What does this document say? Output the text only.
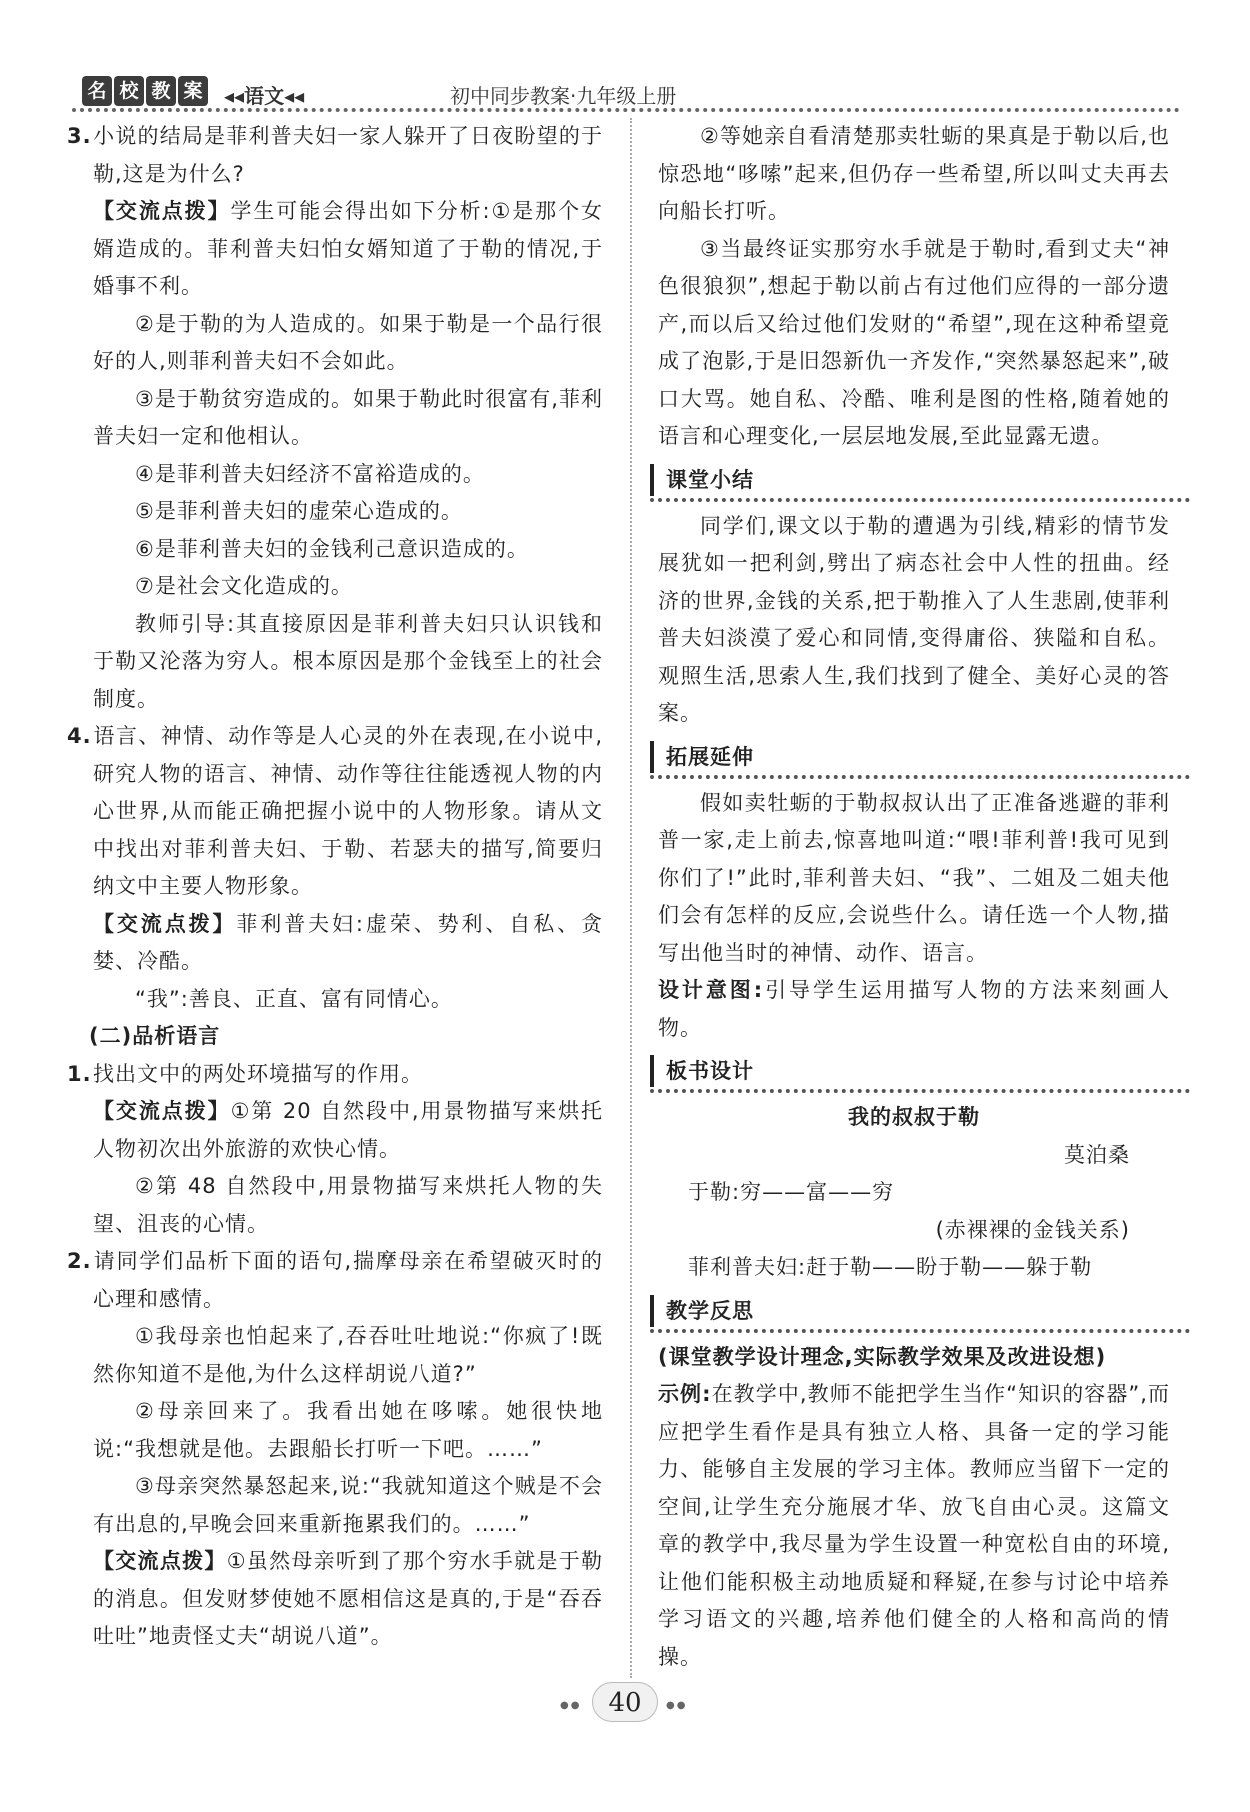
名 校 教 案 ◂◂语文◂◂	初中同步教案·九年级上册
3.小说的结局是菲利普夫妇一家人躲开了日夜盼望的于勒,这是为什么?
【交流点拨】学生可能会得出如下分析:①是那个女婿造成的。菲利普夫妇怕女婿知道了于勒的情况,于婚事不利。
②是于勒的为人造成的。如果于勒是一个品行很好的人,则菲利普夫妇不会如此。
③是于勒贫穷造成的。如果于勒此时很富有,菲利普夫妇一定和他相认。
④是菲利普夫妇经济不富裕造成的。
⑤是菲利普夫妇的虚荣心造成的。
⑥是菲利普夫妇的金钱利己意识造成的。
⑦是社会文化造成的。
教师引导:其直接原因是菲利普夫妇只认识钱和于勒又沦落为穷人。根本原因是那个金钱至上的社会制度。
4.语言、神情、动作等是人心灵的外在表现,在小说中,研究人物的语言、神情、动作等往往能透视人物的内心世界,从而能正确把握小说中的人物形象。请从文中找出对菲利普夫妇、于勒、若瑟夫的描写,简要归纳文中主要人物形象。
【交流点拨】菲利普夫妇:虚荣、势利、自私、贪婪、冷酷。
“我”:善良、正直、富有同情心。
(二)品析语言
1.找出文中的两处环境描写的作用。
【交流点拨】①第 20 自然段中,用景物描写来烘托人物初次出外旅游的欢快心情。
②第 48 自然段中,用景物描写来烘托人物的失望、沮丧的心情。
2.请同学们品析下面的语句,揣摩母亲在希望破灭时的心理和感情。
①我母亲也怕起来了,吞吞吐吐地说:“你疯了!既然你知道不是他,为什么这样胡说八道?”
②母亲回来了。我看出她在哆嗦。她很快地说:“我想就是他。去跟船长打听一下吧。……”
③母亲突然暴怒起来,说:“我就知道这个贼是不会有出息的,早晚会回来重新拖累我们的。……”
【交流点拨】①虽然母亲听到了那个穷水手就是于勒的消息。但发财梦使她不愿相信这是真的,于是“吞吞吐吐”地责怪丈夫“胡说八道”。
②等她亲自看清楚那卖牡蛎的果真是于勒以后,也惊恐地“哆嗦”起来,但仍存一些希望,所以叫丈夫再去向船长打听。
③当最终证实那穷水手就是于勒时,看到丈夫“神色很狼狈”,想起于勒以前占有过他们应得的一部分遗产,而以后又给过他们发财的“希望”,现在这种希望竟成了泡影,于是旧怨新仇一齐发作,“突然暴怒起来”,破口大骂。她自私、冷酷、唯利是图的性格,随着她的语言和心理变化,一层层地发展,至此显露无遗。
课堂小结
同学们,课文以于勒的遭遇为引线,精彩的情节发展犹如一把利剑,劈出了病态社会中人性的扭曲。经济的世界,金钱的关系,把于勒推入了人生悲剧,使菲利普夫妇淡漠了爱心和同情,变得庸俗、狭隘和自私。观照生活,思索人生,我们找到了健全、美好心灵的答案。
拓展延伸
假如卖牡蛎的于勒叔叔认出了正准备逃避的菲利普一家,走上前去,惊喜地叫道:“喂!菲利普!我可见到你们了!”此时,菲利普夫妇、“我”、二姐及二姐夫他们会有怎样的反应,会说些什么。请任选一个人物,描写出他当时的神情、动作、语言。
设计意图:引导学生运用描写人物的方法来刻画人物。
板书设计
我的叔叔于勒
莫泊桑
于勒:穷——富——穷
(赤裸裸的金钱关系)
菲利普夫妇:赶于勒——盼于勒——躲于勒
教学反思
(课堂教学设计理念,实际教学效果及改进设想)
示例:在教学中,教师不能把学生当作“知识的容器”,而应把学生看作是具有独立人格、具备一定的学习能力、能够自主发展的学习主体。教师应当留下一定的空间,让学生充分施展才华、放飞自由心灵。这篇文章的教学中,我尽量为学生设置一种宽松自由的环境,让他们能积极主动地质疑和释疑,在参与讨论中培养学习语文的兴趣,培养他们健全的人格和高尚的情操。
●●	40	●●
